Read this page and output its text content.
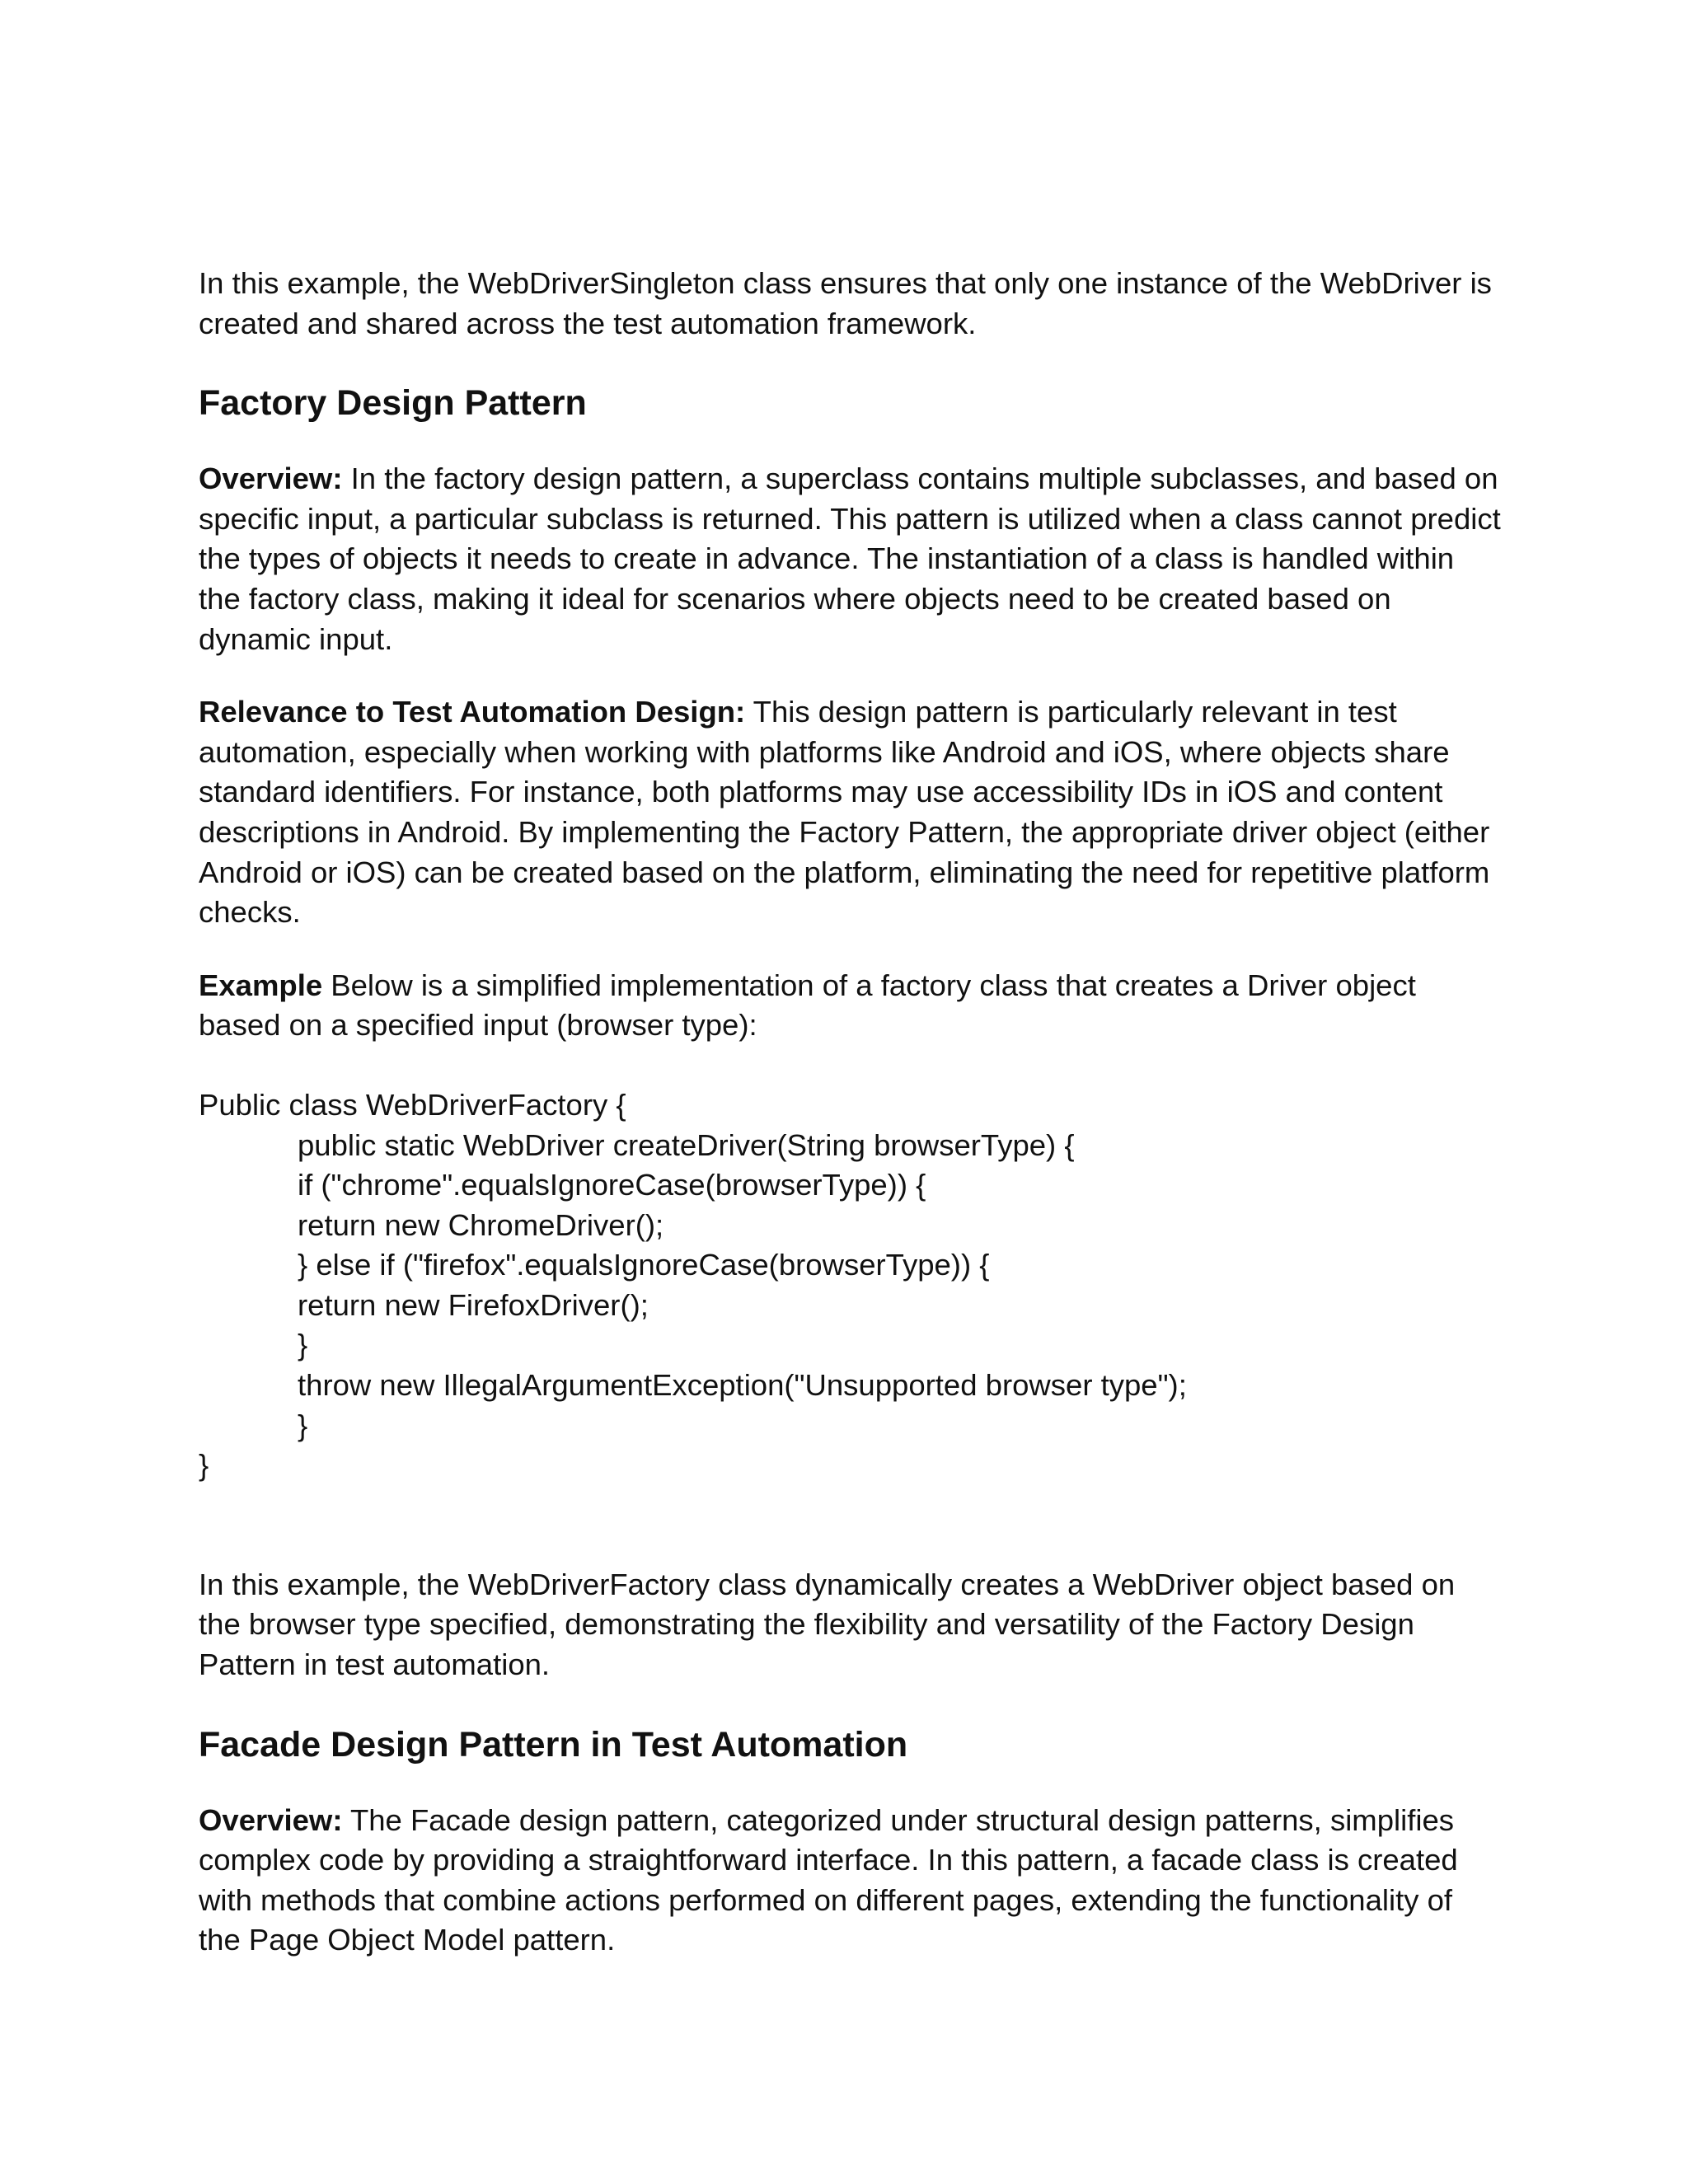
In this example, the WebDriverSingleton class ensures that only one instance of the WebDriver is created and shared across the test automation framework.

Factory Design Pattern

Overview: In the factory design pattern, a superclass contains multiple subclasses, and based on specific input, a particular subclass is returned. This pattern is utilized when a class cannot predict the types of objects it needs to create in advance. The instantiation of a class is handled within the factory class, making it ideal for scenarios where objects need to be created based on dynamic input.

Relevance to Test Automation Design: This design pattern is particularly relevant in test automation, especially when working with platforms like Android and iOS, where objects share standard identifiers. For instance, both platforms may use accessibility IDs in iOS and content descriptions in Android. By implementing the Factory Pattern, the appropriate driver object (either Android or iOS) can be created based on the platform, eliminating the need for repetitive platform checks.

Example Below is a simplified implementation of a factory class that creates a Driver object based on a specified input (browser type):

Public class WebDriverFactory {
public static WebDriver createDriver(String browserType) {
if ("chrome".equalsIgnoreCase(browserType)) {
return new ChromeDriver();
} else if ("firefox".equalsIgnoreCase(browserType)) {
return new FirefoxDriver();
}
throw new IllegalArgumentException("Unsupported browser type");
}
}

In this example, the WebDriverFactory class dynamically creates a WebDriver object based on the browser type specified, demonstrating the flexibility and versatility of the Factory Design Pattern in test automation.

Facade Design Pattern in Test Automation

Overview: The Facade design pattern, categorized under structural design patterns, simplifies complex code by providing a straightforward interface. In this pattern, a facade class is created with methods that combine actions performed on different pages, extending the functionality of the Page Object Model pattern.
